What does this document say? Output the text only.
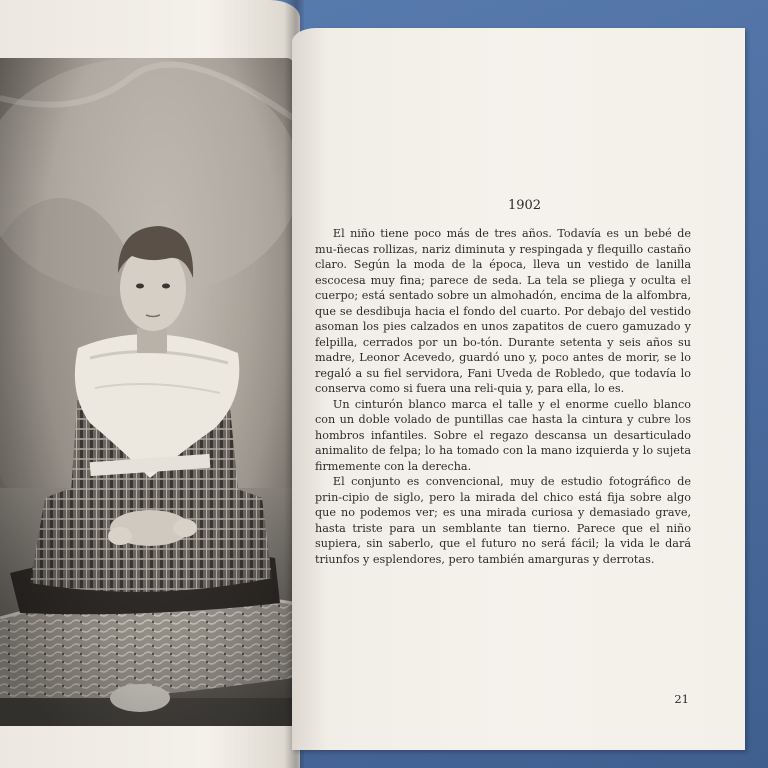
1902

El niño tiene poco más de tres años. Todavía es un bebé de mu-ñecas rollizas, nariz diminuta y respingada y flequillo castaño claro. Según la moda de la época, lleva un vestido de lanilla escocesa muy fina; parece de seda. La tela se pliega y oculta el cuerpo; está sentado sobre un almohadón, encima de la alfombra, que se desdibuja hacia el fondo del cuarto. Por debajo del vestido asoman los pies calzados en unos zapatitos de cuero gamuzado y felpilla, cerrados por un bo-tón. Durante setenta y seis años su madre, Leonor Acevedo, guardó uno y, poco antes de morir, se lo regaló a su fiel servidora, Fani Uveda de Robledo, que todavía lo conserva como si fuera una reli-quia y, para ella, lo es.

Un cinturón blanco marca el talle y el enorme cuello blanco con un doble volado de puntillas cae hasta la cintura y cubre los hombros infantiles. Sobre el regazo descansa un desarticulado animalito de felpa; lo ha tomado con la mano izquierda y lo sujeta firmemente con la derecha.

El conjunto es convencional, muy de estudio fotográfico de prin-cipio de siglo, pero la mirada del chico está fija sobre algo que no podemos ver; es una mirada curiosa y demasiado grave, hasta triste para un semblante tan tierno. Parece que el niño supiera, sin saberlo, que el futuro no será fácil; la vida le dará triunfos y esplendores, pero también amarguras y derrotas.

21
